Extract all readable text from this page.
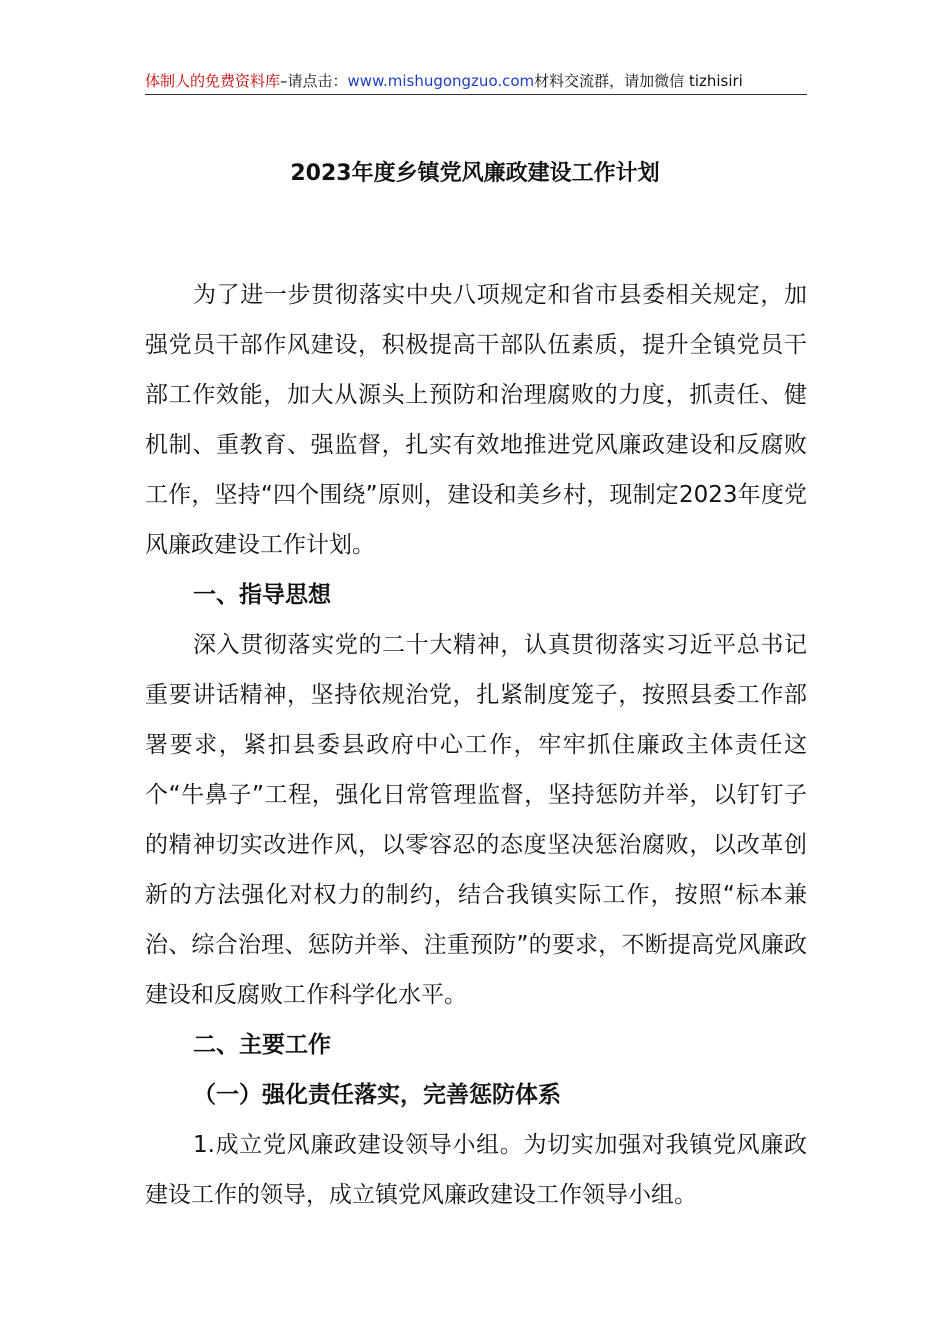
体制人的免费资料库–请点击：www.mishugongzuo.com材料交流群，请加微信 tizhisiri
2023年度乡镇党风廉政建设工作计划

为了进一步贯彻落实中央八项规定和省市县委相关规定，加强党员干部作风建设，积极提高干部队伍素质，提升全镇党员干部工作效能，加大从源头上预防和治理腐败的力度，抓责任、健机制、重教育、强监督，扎实有效地推进党风廉政建设和反腐败工作，坚持“四个围绕”原则，建设和美乡村，现制定2023年度党风廉政建设工作计划。

一、指导思想

深入贯彻落实党的二十大精神，认真贯彻落实习近平总书记重要讲话精神，坚持依规治党，扎紧制度笼子，按照县委工作部署要求，紧扣县委县政府中心工作，牢牢抓住廉政主体责任这个“牛鼻子”工程，强化日常管理监督，坚持惩防并举，以钉钉子的精神切实改进作风，以零容忍的态度坚决惩治腐败，以改革创新的方法强化对权力的制约，结合我镇实际工作，按照“标本兼治、综合治理、惩防并举、注重预防”的要求，不断提高党风廉政建设和反腐败工作科学化水平。

二、主要工作

（一）强化责任落实，完善惩防体系

1.成立党风廉政建设领导小组。为切实加强对我镇党风廉政建设工作的领导，成立镇党风廉政建设工作领导小组。
